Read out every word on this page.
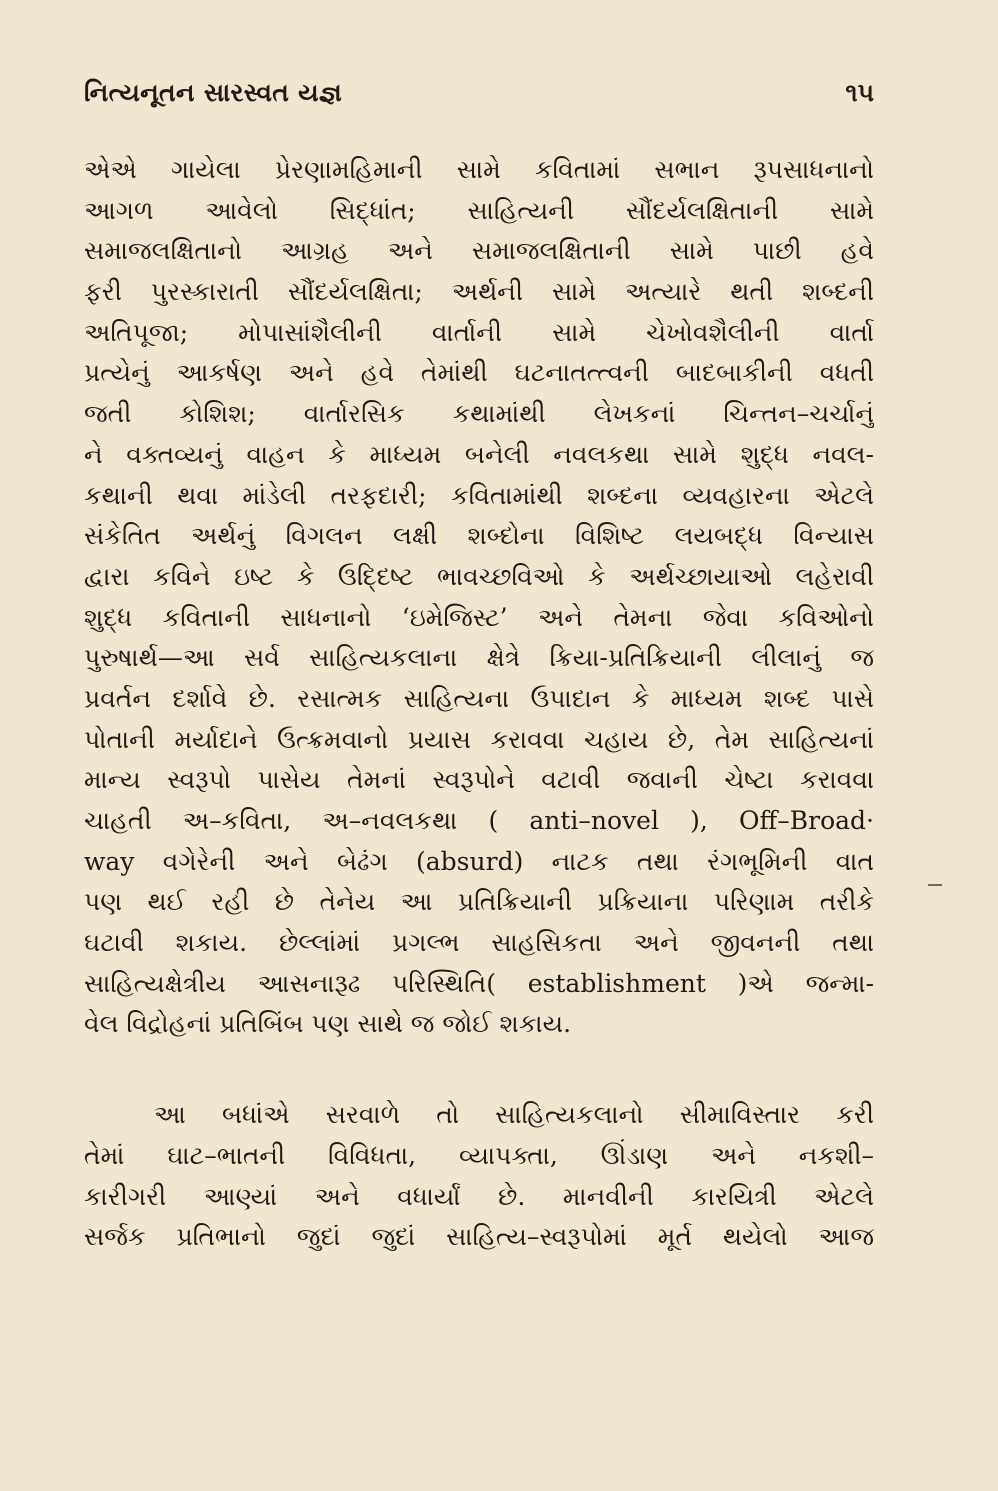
નિત્યનૂતન સારસ્વત યજ્ઞ	૧૫
એએ ગાયેલા પ્રેરણામહિમાની સામે કવિતામાં સભાન રૂપસાધનાનો
આગળ આવેલો સિદ્ધાંત; સાહિત્યની સૌંદર્યલક્ષિતાની સામે
સમાજલક્ષિતાનો આગ્રહ અને સમાજલક્ષિતાની સામે પાછી હવે
ફરી પુરસ્કારાતી સૌંદર્યલક્ષિતા; અર્થની સામે અત્યારે થતી શબ્દની
અતિપૂજા; મોપાસાંશૈલીની વાર્તાની સામે ચેખોવશૈલીની વાર્તા
પ્રત્યેનું આકર્ષણ અને હવે તેમાંથી ઘટનાતત્ત્વની બાદબાકીની વધતી
જતી કોશિશ; વાર્તારસિક કથામાંથી લેખકનાં ચિન્તન–ચર્ચાનું
ને વક્તવ્યનું વાહન કે માધ્યમ બનેલી નવલકથા સામે શુદ્ધ નવલ-
કથાની થવા માંડેલી તરફદારી; કવિતામાંથી શબ્દના વ્યવહારના એટલે
સંકેતિત અર્થનું વિગલન લક્ષી શબ્દોના વિશિષ્ટ લયબદ્ધ વિન્યાસ
દ્વારા કવિને ઇષ્ટ કે ઉદ્દિષ્ટ ભાવચ્છવિઓ કે અર્થચ્છાયાઓ લહેરાવી
શુદ્ધ કવિતાની સાધનાનો ‘ઇમેજિસ્ટ’ અને તેમના જેવા કવિઓનો
પુરુષાર્થ—આ સર્વ સાહિત્યકલાના ક્ષેત્રે ક્રિયા-પ્રતિક્રિયાની લીલાનું જ
પ્રવર્તન દર્શાવે છે. રસાત્મક સાહિત્યના ઉપાદાન કે માધ્યમ શબ્દ પાસે
પોતાની મર્યાદાને ઉત્ક્રમવાનો પ્રયાસ કરાવવા ચહાય છે, તેમ સાહિત્યનાં
માન્ય સ્વરૂપો પાસેય તેમનાં સ્વરૂપોને વટાવી જવાની ચેષ્ટા કરાવવા
ચાહતી અ–કવિતા, અ–નવલકથા ( anti–novel ), Off–Broad·
way વગેરેની અને બેઢંગ (absurd) નાટક તથા રંગભૂમિની વાત
પણ થઈ રહી છે તેનેય આ પ્રતિક્રિયાની પ્રક્રિયાના પરિણામ તરીકે
ઘટાવી શકાય. છેલ્લાંમાં પ્રગલ્ભ સાહસિકતા અને જીવનની તથા
સાહિત્યક્ષેત્રીય આસનારૂઢ પરિસ્થિતિ( establishment )એ જન્મા-
વેલ વિદ્રોહનાં પ્રતિબિંબ પણ સાથે જ જોઈ શકાય.
આ બધાંએ સરવાળે તો સાહિત્યકલાનો સીમાવિસ્તાર કરી
તેમાં ઘાટ–ભાતની વિવિધતા, વ્યાપક્તા, ઊંડાણ અને નકશી–
કારીગરી આણ્યાં અને વધાર્યાં છે. માનવીની કારયિત્રી એટલે
સર્જક પ્રતિભાનો જુદાં જુદાં સાહિત્ય–સ્વરૂપોમાં મૂર્ત થયેલો આજ
